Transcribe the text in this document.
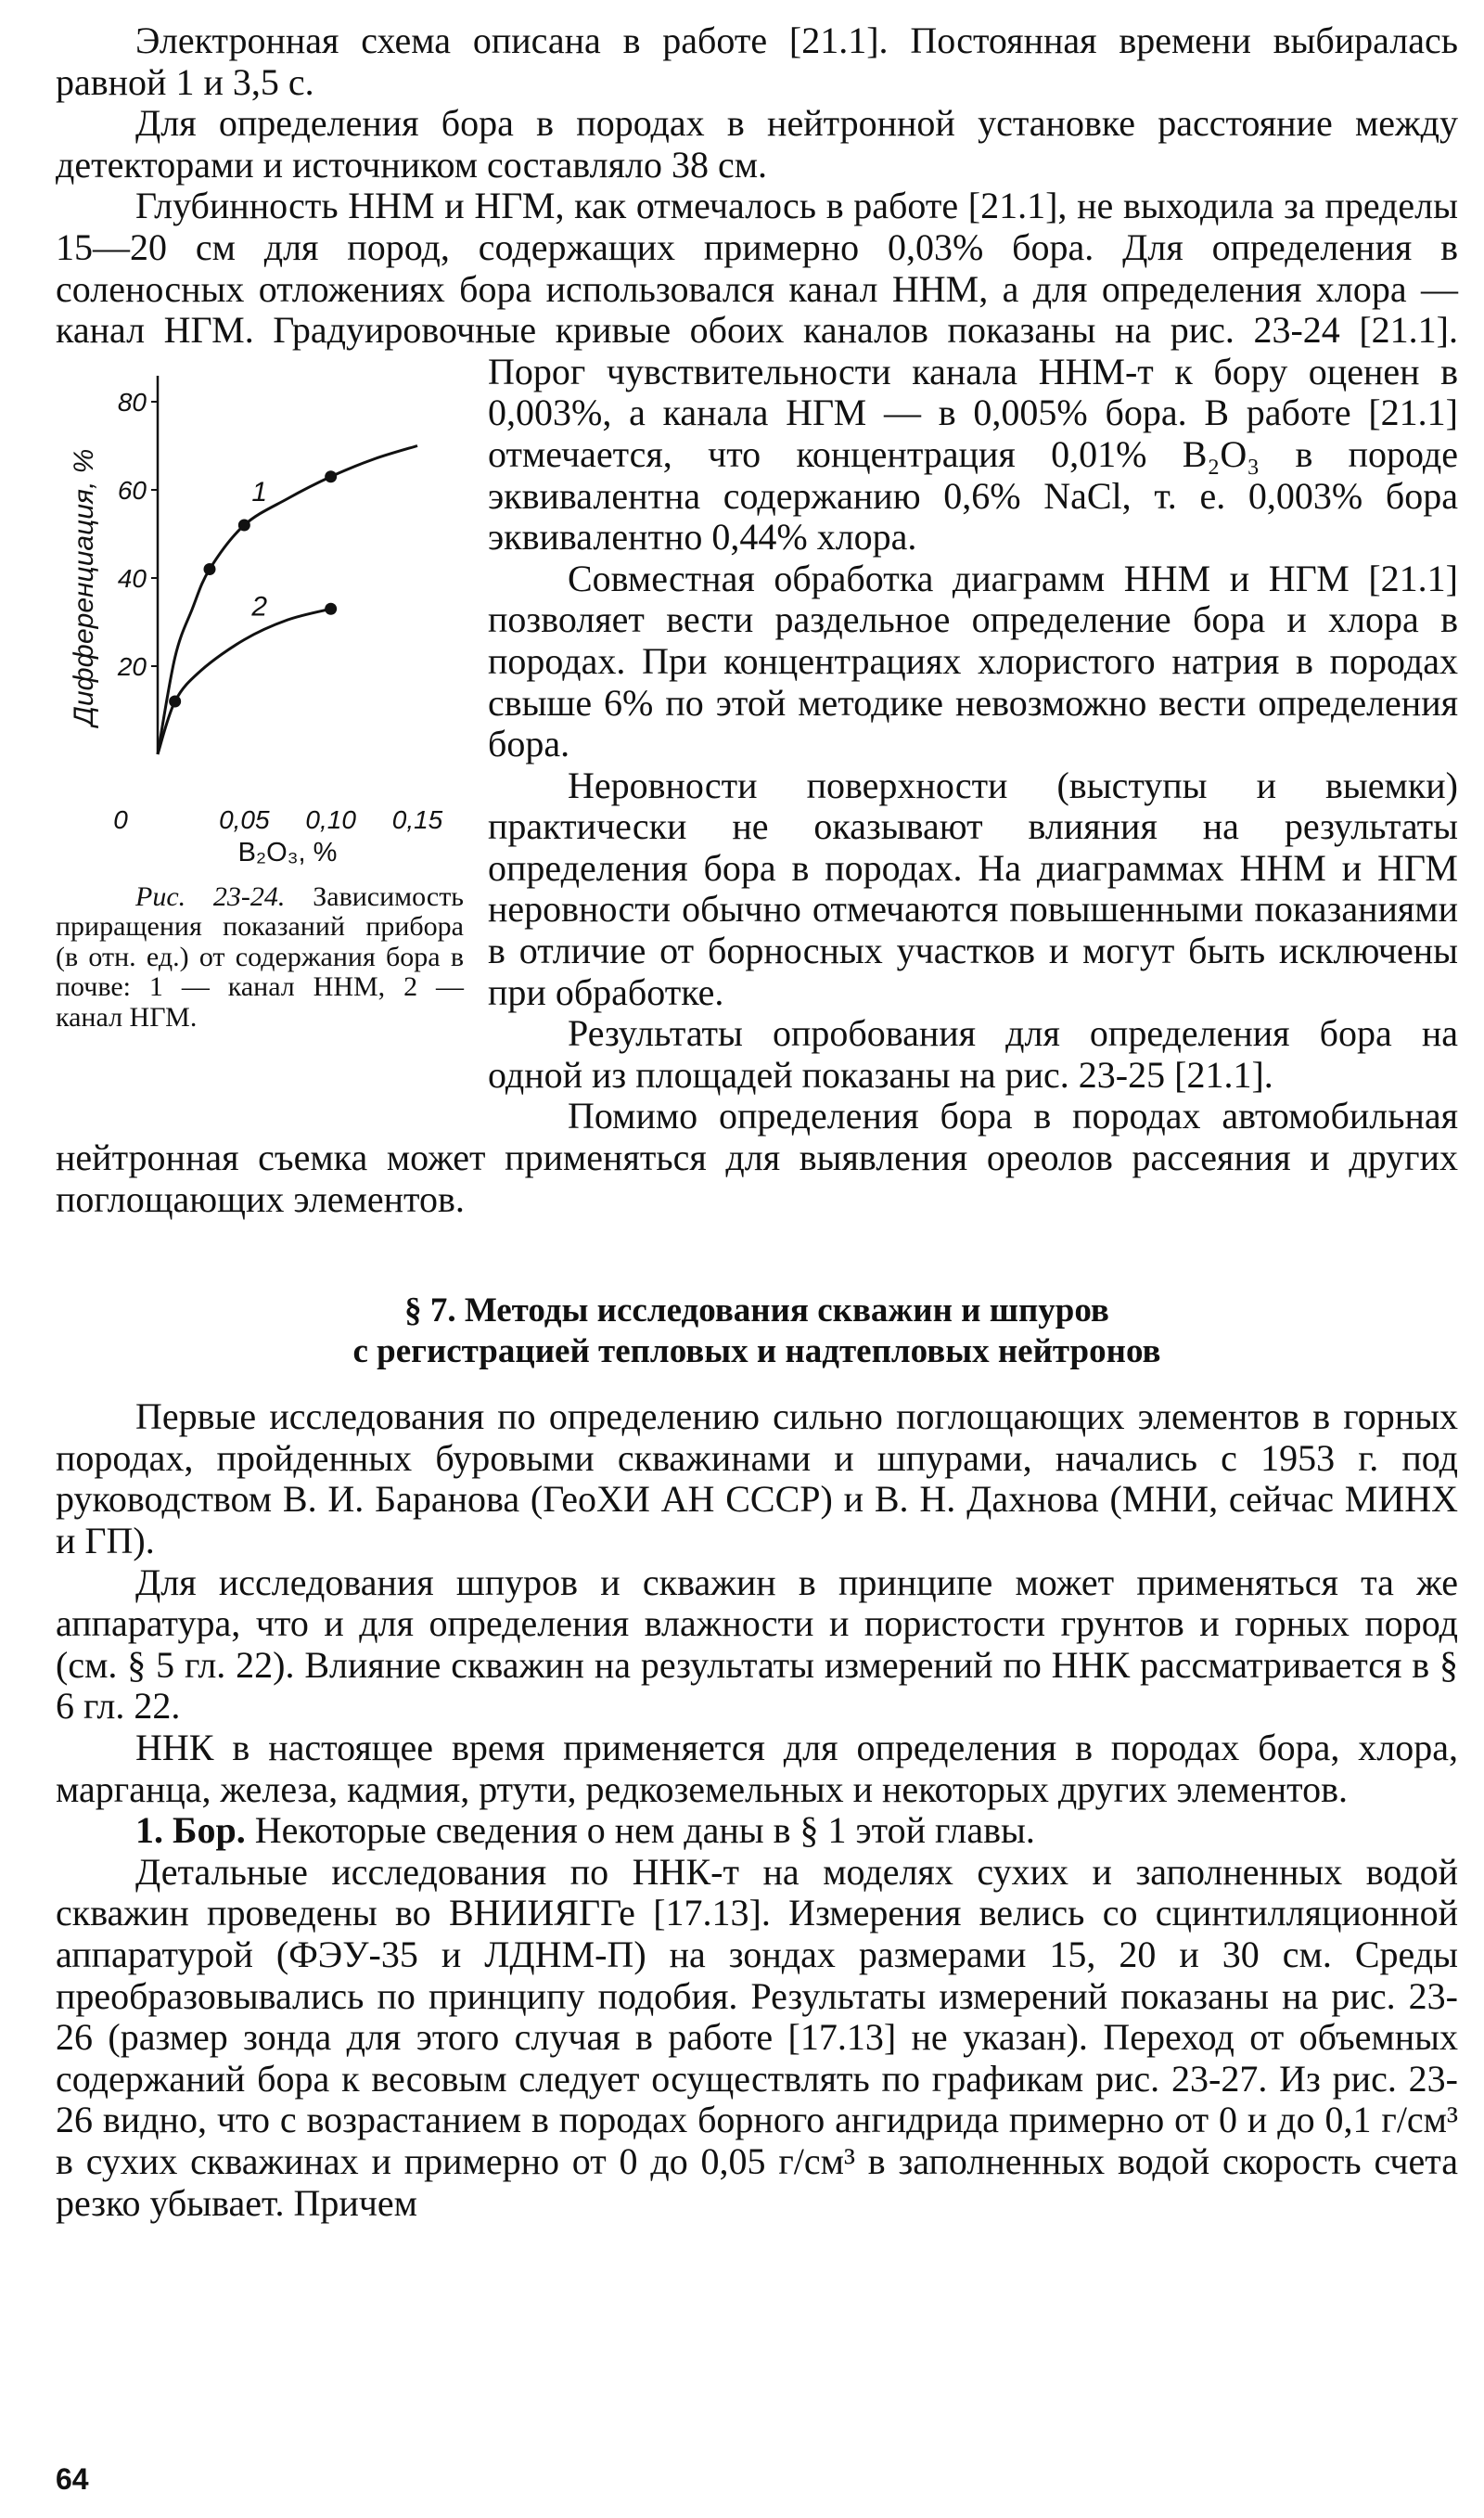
Электронная схема описана в работе [21.1]. Постоянная времени выбиралась равной 1 и 3,5 с.

Для определения бора в породах в нейтронной установке расстояние между детекторами и источником составляло 38 см.

Глубинность ННМ и НГМ, как отмечалось в работе [21.1], не выходила за пределы 15—20 см для пород, содержащих примерно 0,03% бора. Для определения в соленосных отложениях бора использовался канал ННМ, а для определения хлора — канал НГМ. Градуировочные кривые обоих каналов показаны на рис. 23-24 [21.1].
20
40
60
80
0	0,05 0,10 0,15
1
2
Дифференциация, %
B₂O₃, %
Рис. 23-24. Зависимость приращения показаний прибора (в отн. ед.) от содержания бора в почве: 1 — канал ННМ, 2 — канал НГМ.
Порог чувствительности канала ННМ-т к бору оценен в 0,003%, а канала НГМ — в 0,005% бора. В работе [21.1] отмечается, что концентрация 0,01% B₂O₃ в породе эквивалентна содержанию 0,6% NaCl, т. е. 0,003% бора эквивалентно 0,44% хлора.

Совместная обработка диаграмм ННМ и НГМ [21.1] позволяет вести раздельное определение бора и хлора в породах. При концентрациях хлористого натрия в породах свыше 6% по этой методике невозможно вести определения бора.

Неровности поверхности (выступы и выемки) практически не оказывают влияния на результаты определения бора в породах. На диаграммах ННМ и НГМ неровности обычно отмечаются повышенными показаниями в отличие от борносных участков и могут быть исключены при обработке.

Результаты опробования для определения бора на одной из площадей показаны на рис. 23-25 [21.1].

Помимо определения бора в породах автомобильная нейтронная съемка может применяться для выявления ореолов рассеяния и других поглощающих элементов.

§ 7. Методы исследования скважин и шпуров
с регистрацией тепловых и надтепловых нейтронов

Первые исследования по определению сильно поглощающих элементов в горных породах, пройденных буровыми скважинами и шпурами, начались с 1953 г. под руководством В. И. Баранова (ГеоХИ АН СССР) и В. Н. Дахнова (МНИ, сейчас МИНХ и ГП).

Для исследования шпуров и скважин в принципе может применяться та же аппаратура, что и для определения влажности и пористости грунтов и горных пород (см. § 5 гл. 22). Влияние скважин на результаты измерений по ННК рассматривается в § 6 гл. 22.

ННК в настоящее время применяется для определения в породах бора, хлора, марганца, железа, кадмия, ртути, редкоземельных и некоторых других элементов.

1. Бор. Некоторые сведения о нем даны в § 1 этой главы.

Детальные исследования по ННК-т на моделях сухих и заполненных водой скважин проведены во ВНИИЯГГе [17.13]. Измерения велись со сцинтилляционной аппаратурой (ФЭУ-35 и ЛДНМ-П) на зондах размерами 15, 20 и 30 см. Среды преобразовывались по принципу подобия. Результаты измерений показаны на рис. 23-26 (размер зонда для этого случая в работе [17.13] не указан). Переход от объемных содержаний бора к весовым следует осуществлять по графикам рис. 23-27. Из рис. 23-26 видно, что с возрастанием в породах борного ангидрида примерно от 0 и до 0,1 г/см³ в сухих скважинах и примерно от 0 до 0,05 г/см³ в заполненных водой скорость счета резко убывает. Причем

64
